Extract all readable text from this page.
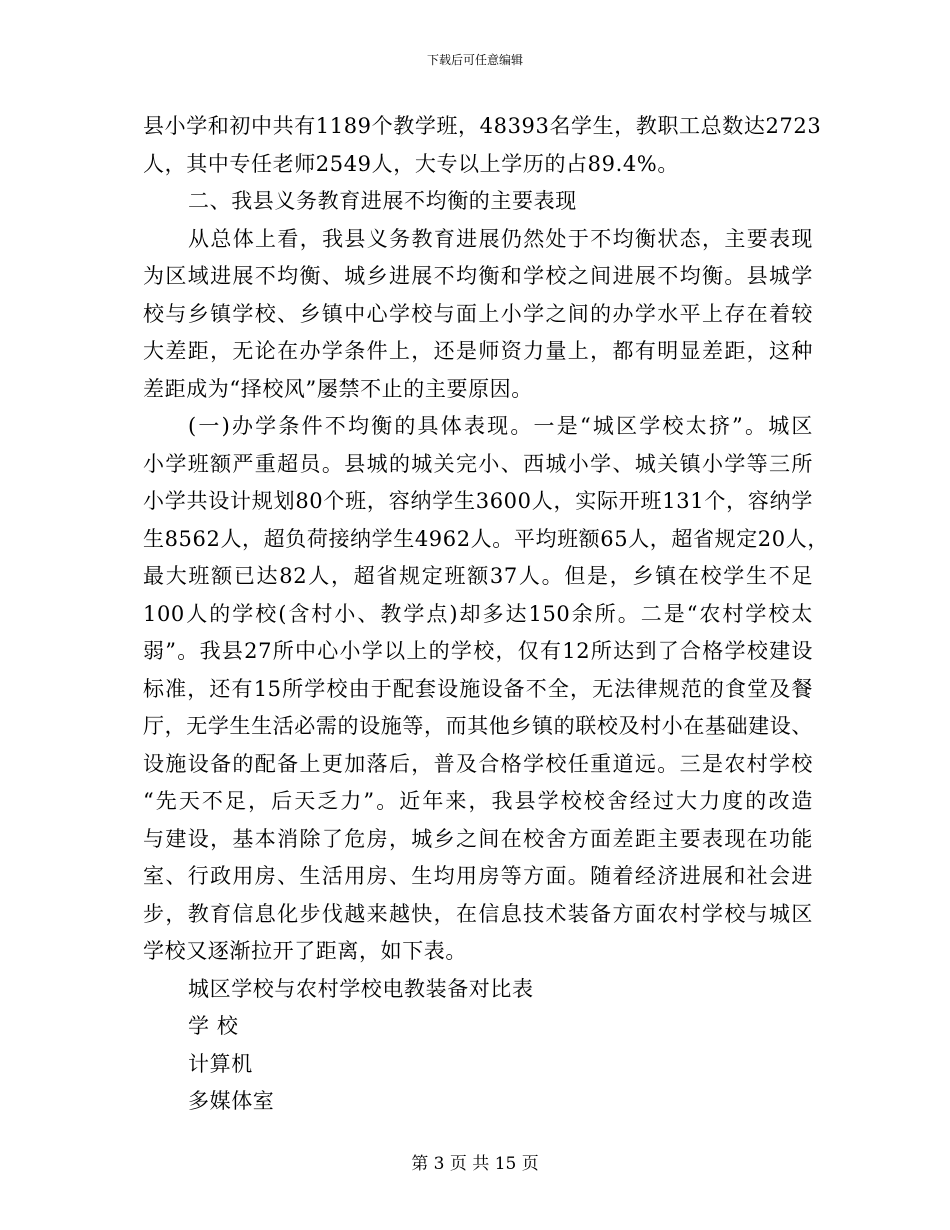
下载后可任意编辑
县小学和初中共有1189个教学班，48393名学生，教职工总数达2723
人，其中专任老师2549人，大专以上学历的占89.4%。
二、我县义务教育进展不均衡的主要表现
从总体上看，我县义务教育进展仍然处于不均衡状态，主要表现
为区域进展不均衡、城乡进展不均衡和学校之间进展不均衡。县城学
校与乡镇学校、乡镇中心学校与面上小学之间的办学水平上存在着较
大差距，无论在办学条件上，还是师资力量上，都有明显差距，这种
差距成为“择校风”屡禁不止的主要原因。
(一)办学条件不均衡的具体表现。一是“城区学校太挤”。城区
小学班额严重超员。县城的城关完小、西城小学、城关镇小学等三所
小学共设计规划80个班，容纳学生3600人，实际开班131个，容纳学
生8562人，超负荷接纳学生4962人。平均班额65人，超省规定20人，
最大班额已达82人，超省规定班额37人。但是，乡镇在校学生不足
100人的学校(含村小、教学点)却多达150余所。二是“农村学校太
弱”。我县27所中心小学以上的学校，仅有12所达到了合格学校建设
标准，还有15所学校由于配套设施设备不全，无法律规范的食堂及餐
厅，无学生生活必需的设施等，而其他乡镇的联校及村小在基础建设、
设施设备的配备上更加落后，普及合格学校任重道远。三是农村学校
“先天不足，后天乏力”。近年来，我县学校校舍经过大力度的改造
与建设，基本消除了危房，城乡之间在校舍方面差距主要表现在功能
室、行政用房、生活用房、生均用房等方面。随着经济进展和社会进
步，教育信息化步伐越来越快，在信息技术装备方面农村学校与城区
学校又逐渐拉开了距离，如下表。
城区学校与农村学校电教装备对比表
学 校
计算机
多媒体室
第 3 页 共 15 页
